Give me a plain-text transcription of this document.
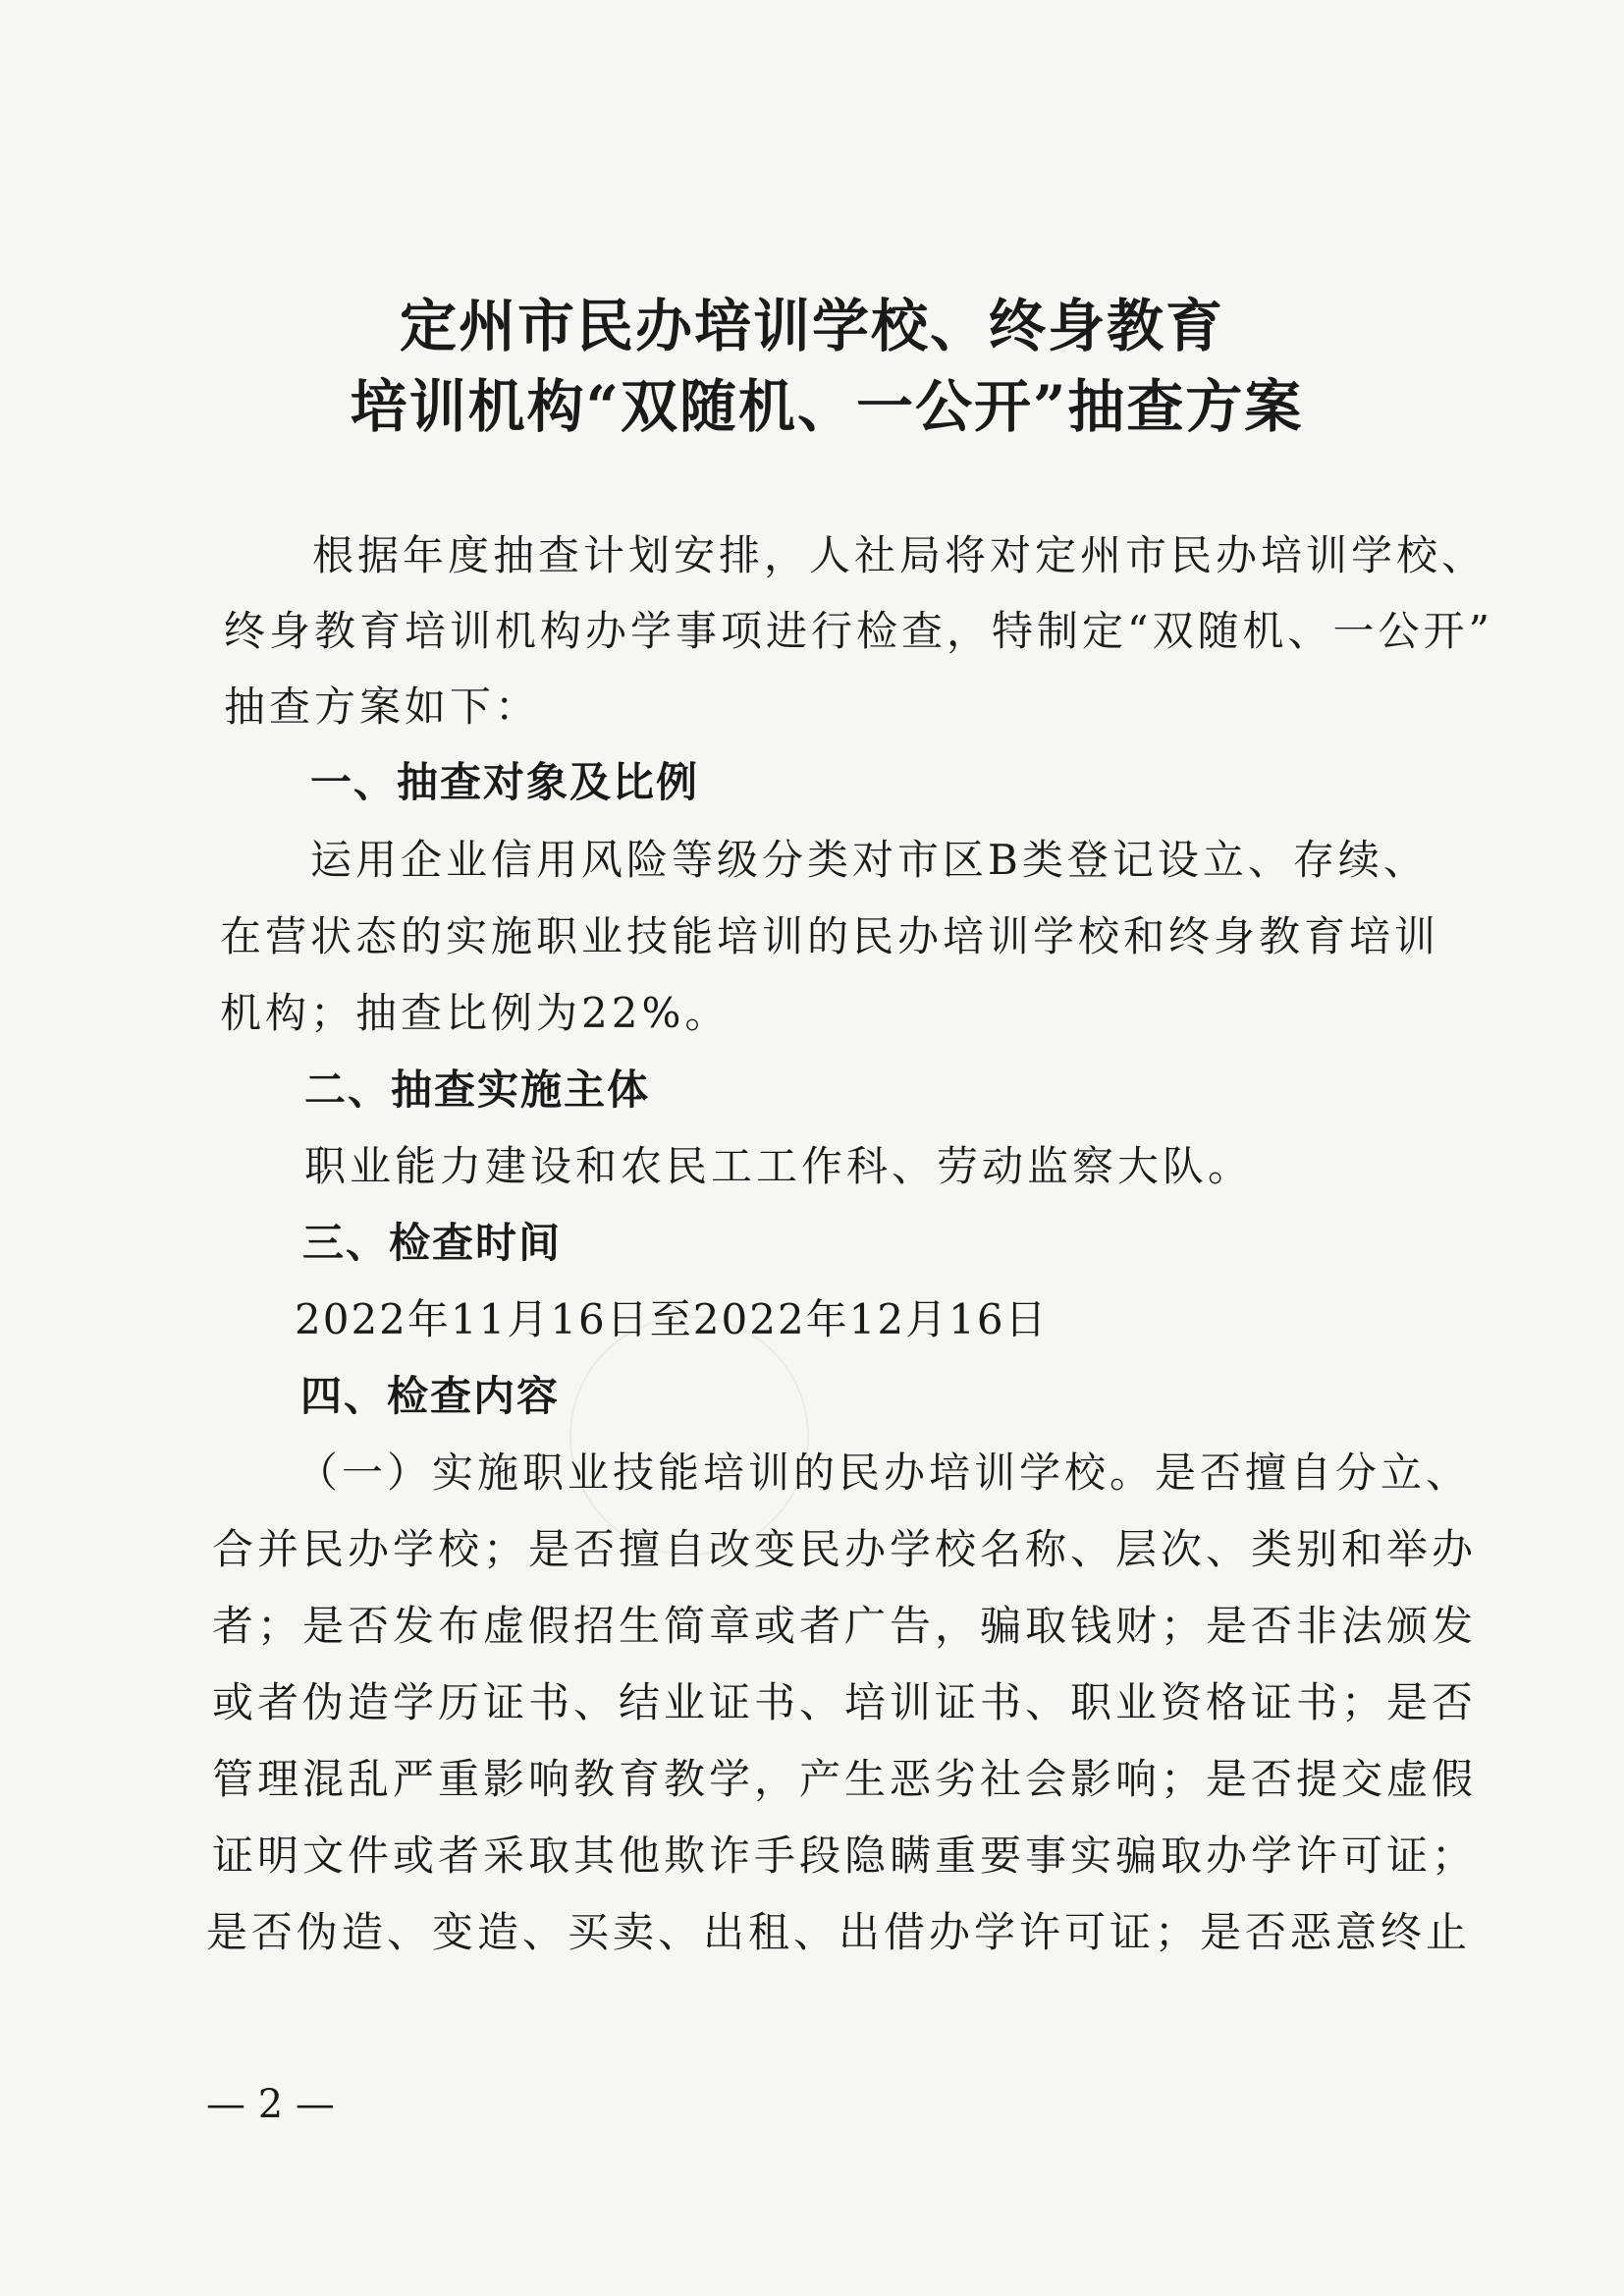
定州市民办培训学校、终身教育
培训机构“双随机、一公开”抽查方案
根据年度抽查计划安排，人社局将对定州市民办培训学校、
终身教育培训机构办学事项进行检查，特制定“双随机、一公开”
抽查方案如下：
一、抽查对象及比例
运用企业信用风险等级分类对市区B类登记设立、存续、
在营状态的实施职业技能培训的民办培训学校和终身教育培训
机构；抽查比例为22%。
二、抽查实施主体
职业能力建设和农民工工作科、劳动监察大队。
三、检查时间
2022年11月16日至2022年12月16日
四、检查内容
（一）实施职业技能培训的民办培训学校。是否擅自分立、
合并民办学校；是否擅自改变民办学校名称、层次、类别和举办
者；是否发布虚假招生简章或者广告，骗取钱财；是否非法颁发
或者伪造学历证书、结业证书、培训证书、职业资格证书；是否
管理混乱严重影响教育教学，产生恶劣社会影响；是否提交虚假
证明文件或者采取其他欺诈手段隐瞒重要事实骗取办学许可证；
是否伪造、变造、买卖、出租、出借办学许可证；是否恶意终止
— 2 —
